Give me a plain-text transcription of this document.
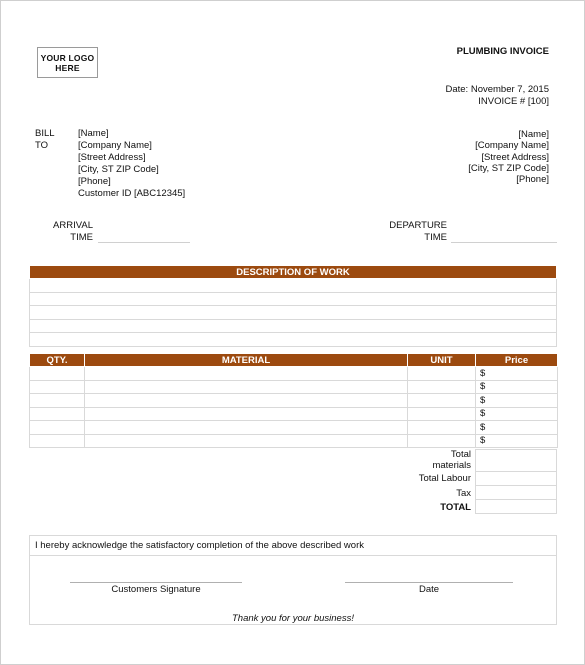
YOUR LOGO
HERE
PLUMBING INVOICE
Date: November 7, 2015
INVOICE # [100]
BILL
TO
[Name]
[Company Name]
[Street Address]
[City, ST ZIP Code]
[Phone]
Customer ID [ABC12345]
[Name]
[Company Name]
[Street Address]
[City, ST ZIP Code]
[Phone]
ARRIVAL
TIME
DEPARTURE
TIME
DESCRIPTION OF WORK

QTY.	MATERIAL	UNIT	Price
			$
			$
			$
			$
			$
			$
Total
materials
Total Labour
Tax
TOTAL
I hereby acknowledge the satisfactory completion of the above described work
Customers Signature	Date
Thank you for your business!
